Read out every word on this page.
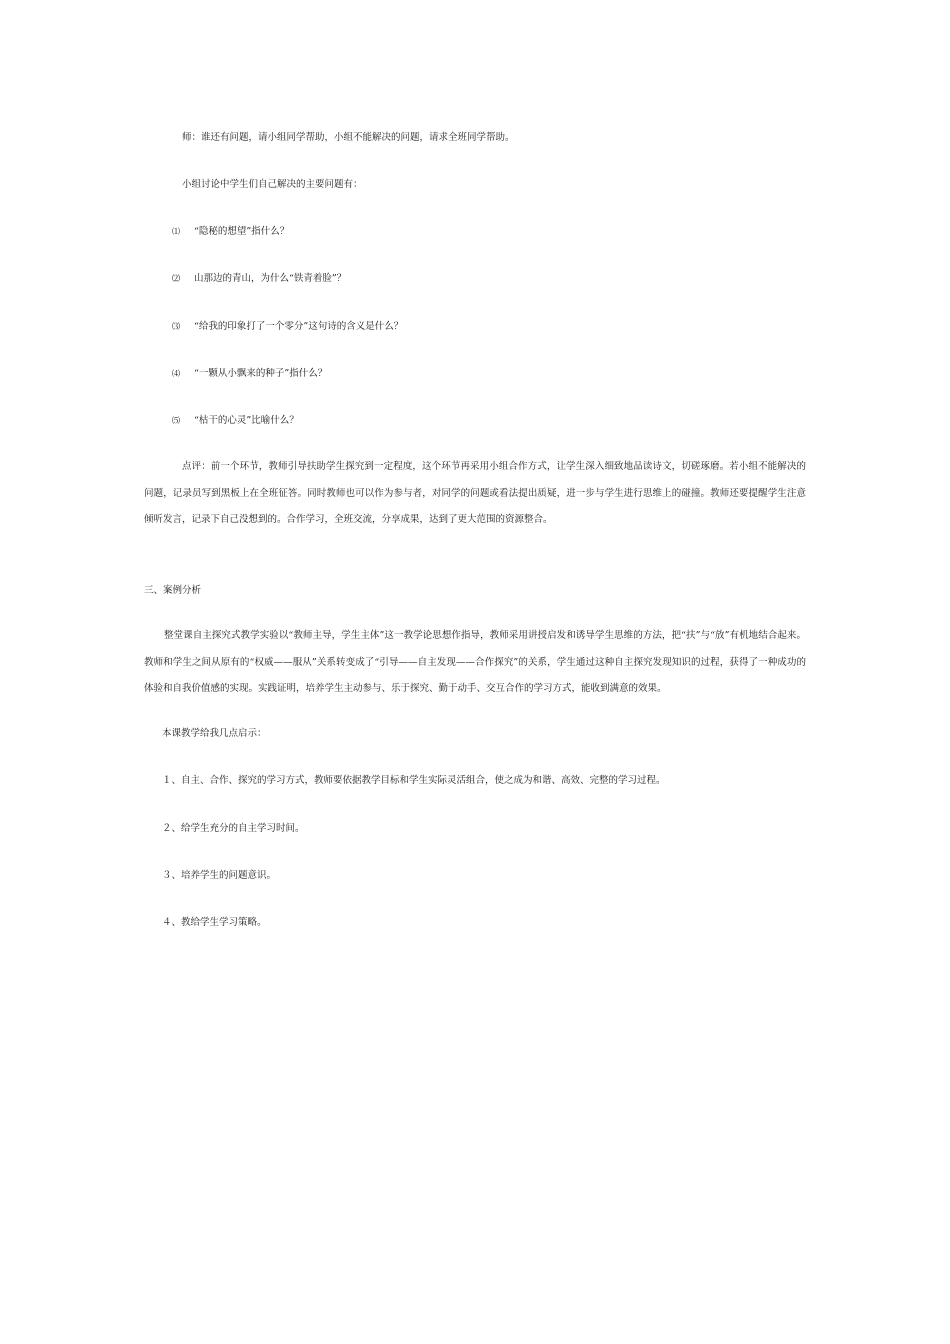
师：谁还有问题，请小组同学帮助，小组不能解决的问题，请求全班同学帮助。
小组讨论中学生们自己解决的主要问题有：
⑴ “隐秘的想望”指什么？
⑵ 山那边的青山，为什么“铁青着脸”？
⑶ “给我的印象打了一个零分”这句诗的含义是什么？
⑷ “一颗从小飘来的种子”指什么？
⑸ “枯干的心灵”比喻什么？
点评：前一个环节，教师引导扶助学生探究到一定程度，这个环节再采用小组合作方式，让学生深入细致地品读诗文，切磋琢磨。若小组不能解决的问题，记录员写到黑板上在全班征答。同时教师也可以作为参与者，对同学的问题或看法提出质疑，进一步与学生进行思维上的碰撞。教师还要提醒学生注意倾听发言，记录下自己没想到的。合作学习，全班交流，分享成果，达到了更大范围的资源整合。
三、案例分析
整堂课自主探究式教学实验以“教师主导，学生主体”这一教学论思想作指导，教师采用讲授启发和诱导学生思维的方法，把“扶”与“放”有机地结合起来。教师和学生之间从原有的“权威——服从”关系转变成了“引导——自主发现——合作探究”的关系，学生通过这种自主探究发现知识的过程，获得了一种成功的体验和自我价值感的实现。实践证明，培养学生主动参与、乐于探究、勤于动手、交互合作的学习方式，能收到满意的效果。
本课教学给我几点启示：
１、自主、合作、探究的学习方式，教师要依据教学目标和学生实际灵活组合，使之成为和谐、高效、完整的学习过程。
２、给学生充分的自主学习时间。
３、培养学生的问题意识。
４、教给学生学习策略。
